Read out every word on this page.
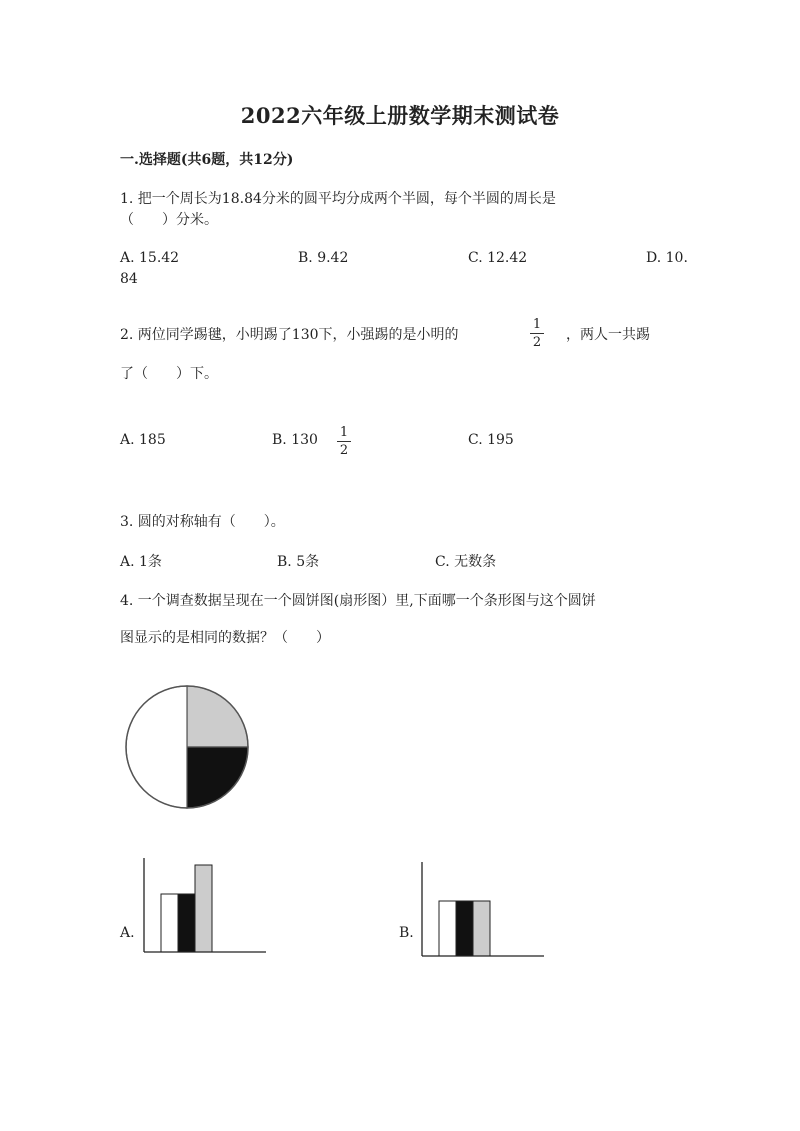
2022六年级上册数学期末测试卷
一.选择题(共6题，共12分)
1. 把一个周长为18.84分米的圆平均分成两个半圆，每个半圆的周长是
（　　）分米。
A. 15.42	B. 9.42	C. 12.42	D. 10.
84
2. 两位同学踢毽，小明踢了130下，小强踢的是小明的
1
2 ，两人一共踢
了（　　）下。
A. 185	B. 130 1
2
C. 195
3. 圆的对称轴有（　　）。
A. 1条	B. 5条	C. 无数条
4. 一个调查数据呈现在一个圆饼图(扇形图）里,下面哪一个条形图与这个圆饼
图显示的是相同的数据？（　　）
A.	B.
